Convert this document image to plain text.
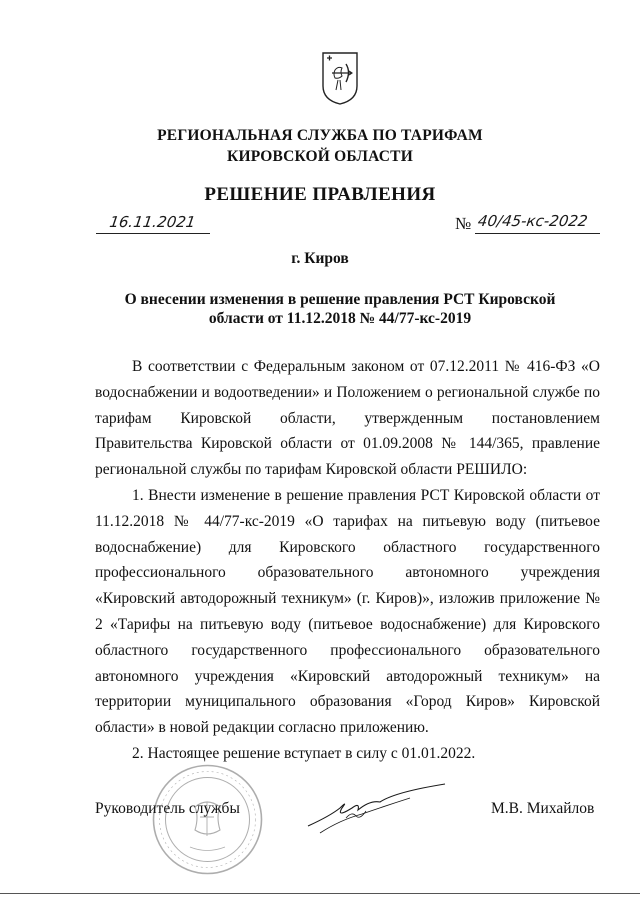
РЕГИОНАЛЬНАЯ СЛУЖБА ПО ТАРИФАМ
КИРОВСКОЙ ОБЛАСТИ
РЕШЕНИЕ ПРАВЛЕНИЯ
16.11.2021	№ 40/45-кс-2022
г. Киров
О внесении изменения в решение правления РСТ Кировской
области от 11.12.2018 № 44/77-кс-2019

В соответствии с Федеральным законом от 07.12.2011 № 416-ФЗ «О водоснабжении и водоотведении» и Положением о региональной службе по тарифам Кировской области, утвержденным постановлением Правительства Кировской области от 01.09.2008 № 144/365, правление региональной службы по тарифам Кировской области РЕШИЛО:

1. Внести изменение в решение правления РСТ Кировской области от 11.12.2018 № 44/77-кс-2019 «О тарифах на питьевую воду (питьевое водоснабжение) для Кировского областного государственного профессионального образовательного автономного учреждения «Кировский автодорожный техникум» (г. Киров)», изложив приложение № 2 «Тарифы на питьевую воду (питьевое водоснабжение) для Кировского областного государственного профессионального образовательного автономного учреждения «Кировский автодорожный техникум» на территории муниципального образования «Город Киров» Кировской области» в новой редакции согласно приложению.

2. Настоящее решение вступает в силу с 01.01.2022.

Руководитель службы	М.В. Михайлов
